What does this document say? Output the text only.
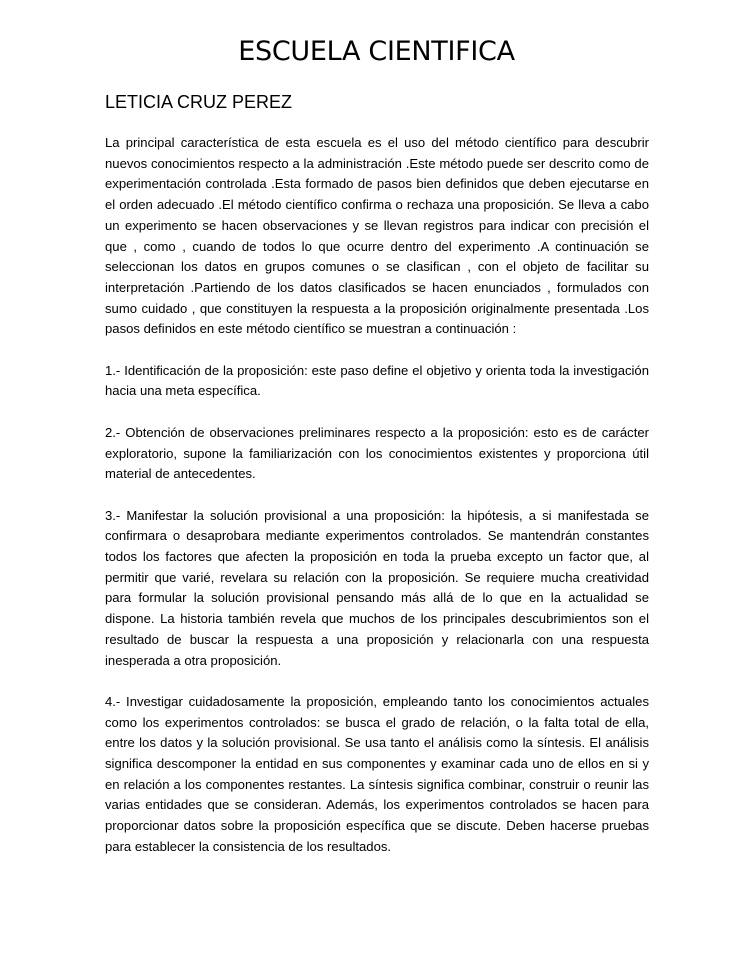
ESCUELA CIENTIFICA
LETICIA CRUZ PEREZ

La principal característica de esta escuela es el uso del método científico para descubrir nuevos conocimientos respecto a la administración .Este método puede ser descrito como de experimentación controlada .Esta formado de pasos bien definidos que deben ejecutarse en el orden adecuado .El método científico confirma o rechaza una proposición. Se lleva a cabo un experimento se hacen observaciones y se llevan registros para indicar con precisión el que , como , cuando de todos lo que ocurre dentro del experimento .A continuación se seleccionan los datos en grupos comunes o se clasifican , con el objeto de facilitar su interpretación .Partiendo de los datos clasificados se hacen enunciados , formulados con sumo cuidado , que constituyen la respuesta a la proposición originalmente presentada .Los pasos definidos en este método científico se muestran a continuación :

1.- Identificación de la proposición: este paso define el objetivo y orienta toda la investigación hacia una meta específica.

2.- Obtención de observaciones preliminares respecto a la proposición: esto es de carácter exploratorio, supone la familiarización con los conocimientos existentes y proporciona útil material de antecedentes.

3.- Manifestar la solución provisional a una proposición: la hipótesis, a si manifestada se confirmara o desaprobara mediante experimentos controlados. Se mantendrán constantes todos los factores que afecten la proposición en toda la prueba excepto un factor que, al permitir que varié, revelara su relación con la proposición. Se requiere mucha creatividad para formular la solución provisional pensando más allá de lo que en la actualidad se dispone. La historia también revela que muchos de los principales descubrimientos son el resultado de buscar la respuesta a una proposición y relacionarla con una respuesta inesperada a otra proposición.

4.- Investigar cuidadosamente la proposición, empleando tanto los conocimientos actuales como los experimentos controlados: se busca el grado de relación, o la falta total de ella, entre los datos y la solución provisional. Se usa tanto el análisis como la síntesis. El análisis significa descomponer la entidad en sus componentes y examinar cada uno de ellos en si y en relación a los componentes restantes. La síntesis significa combinar, construir o reunir las varias entidades que se consideran. Además, los experimentos controlados se hacen para proporcionar datos sobre la proposición específica que se discute. Deben hacerse pruebas para establecer la consistencia de los resultados.
